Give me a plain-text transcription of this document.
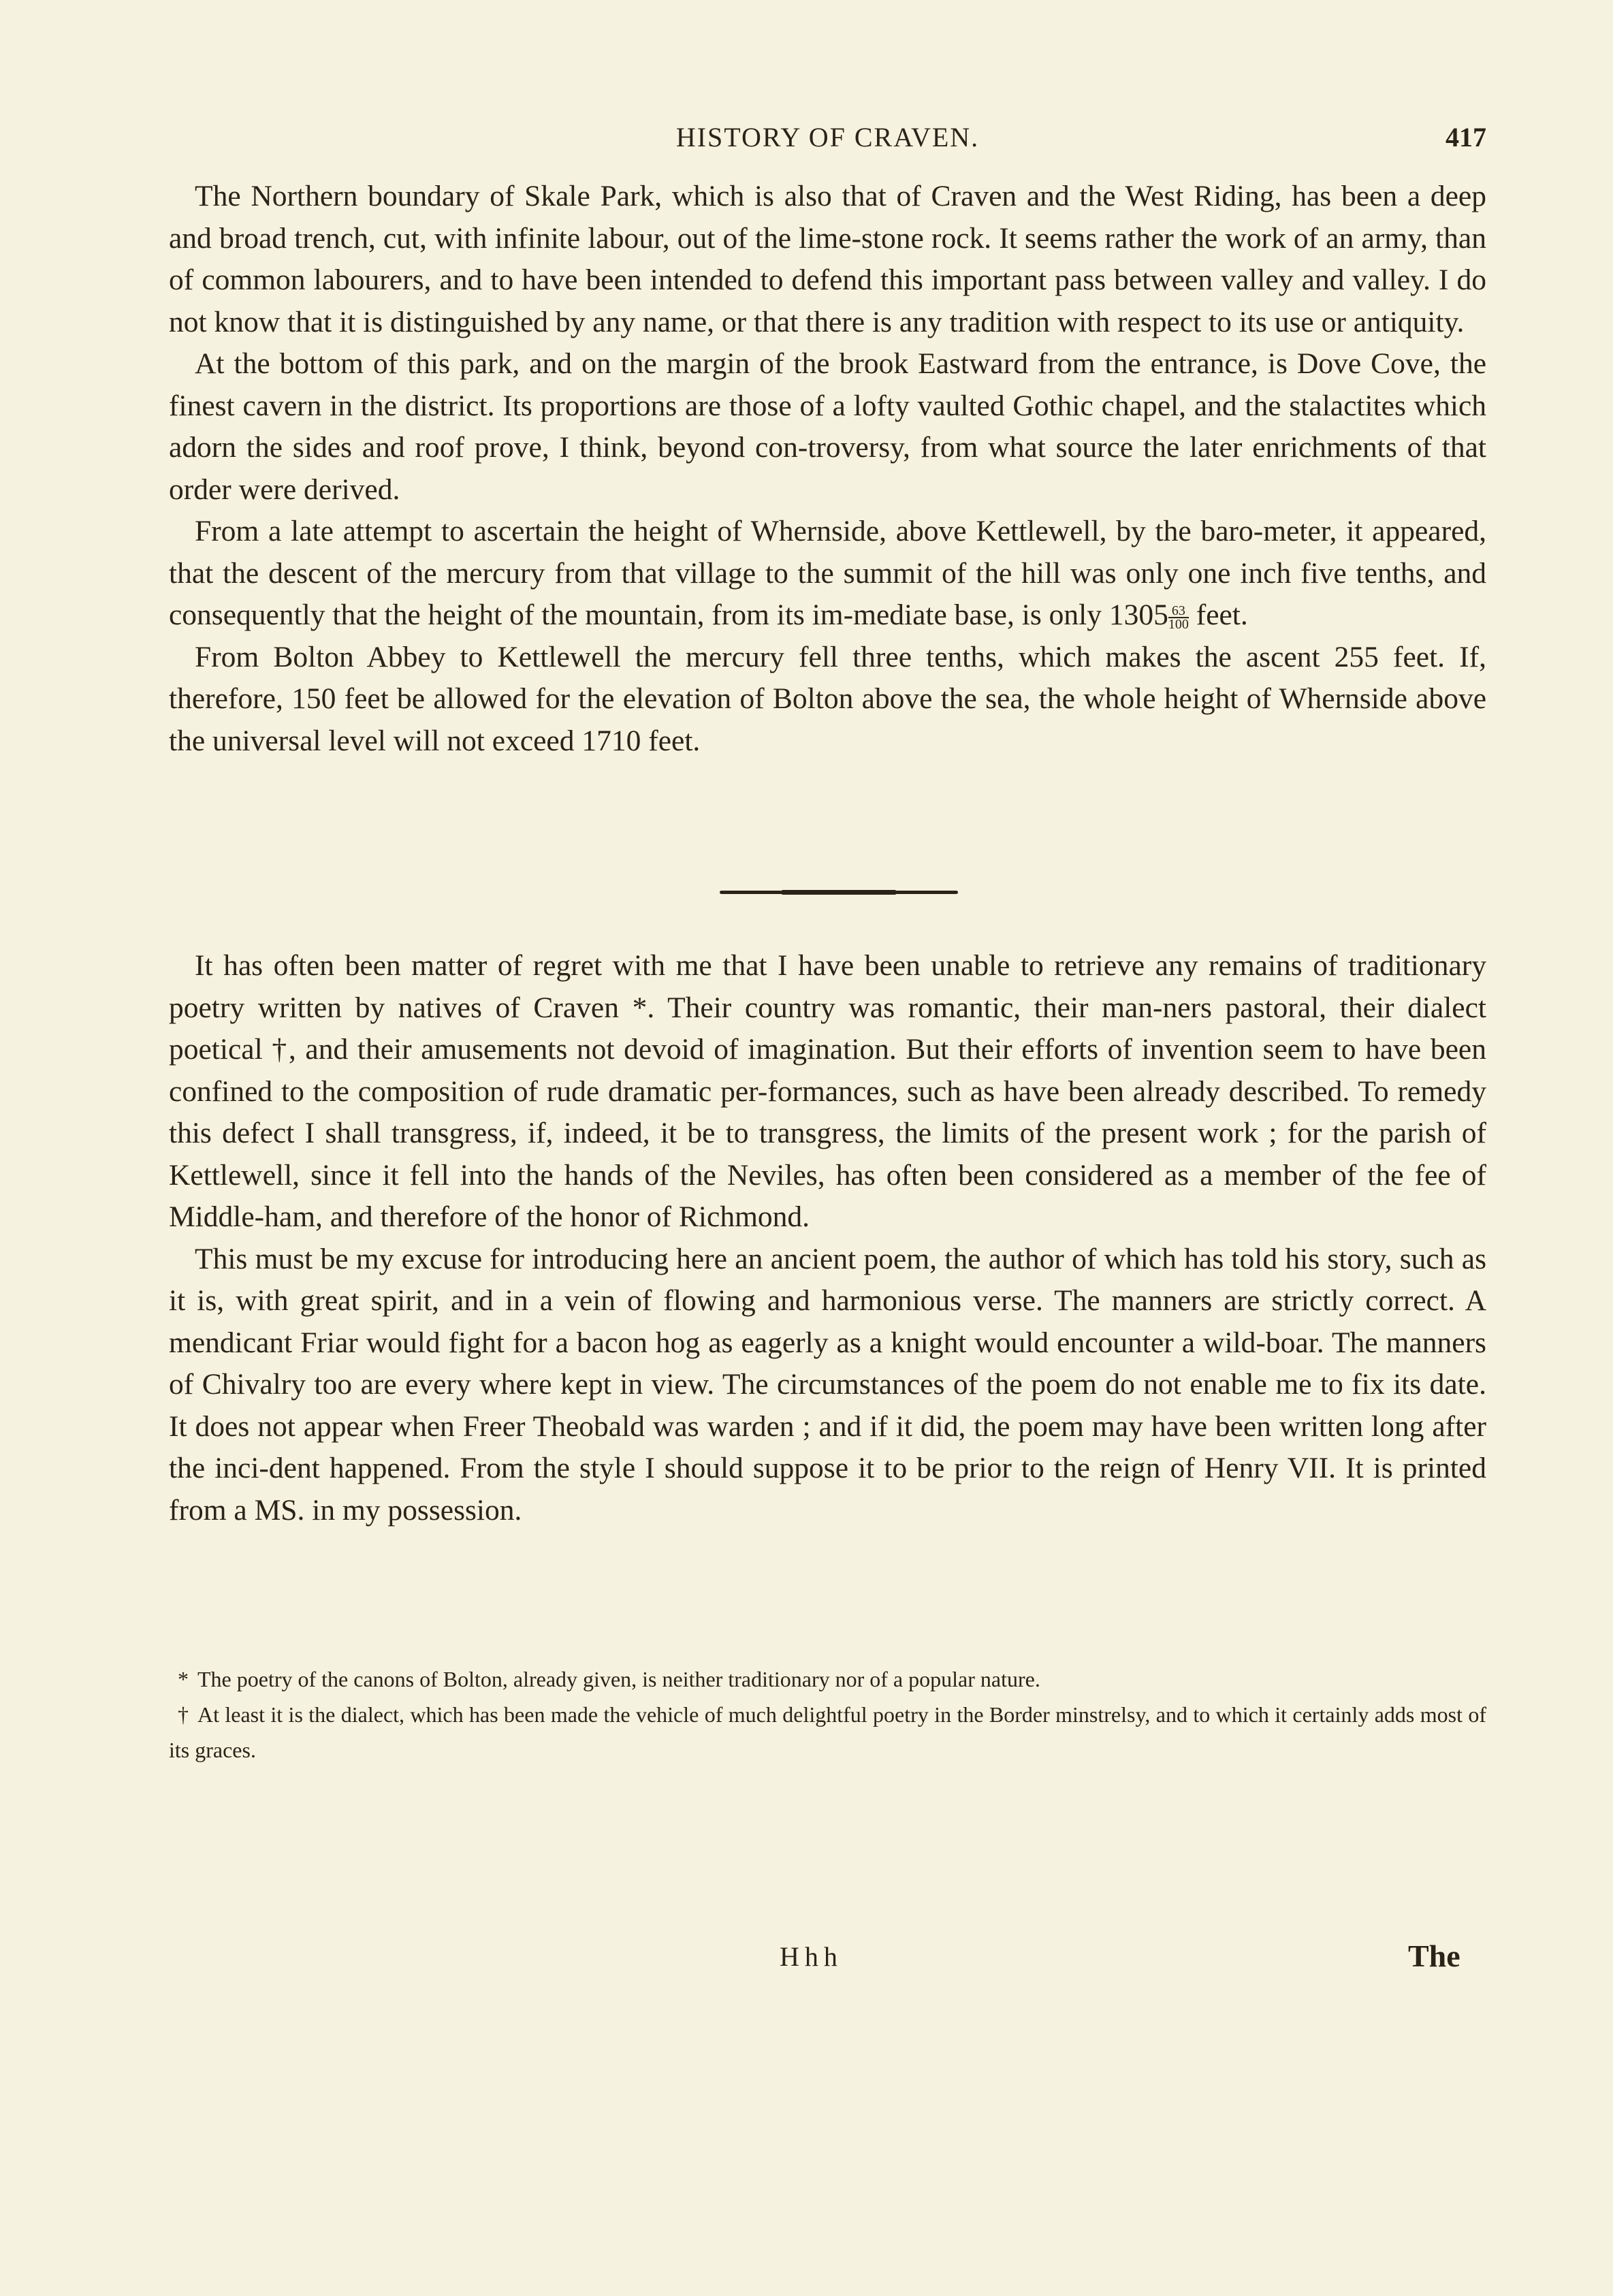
HISTORY OF CRAVEN.	417

The Northern boundary of Skale Park, which is also that of Craven and the West Riding, has been a deep and broad trench, cut, with infinite labour, out of the lime-stone rock. It seems rather the work of an army, than of common labourers, and to have been intended to defend this important pass between valley and valley. I do not know that it is distinguished by any name, or that there is any tradition with respect to its use or antiquity.

At the bottom of this park, and on the margin of the brook Eastward from the entrance, is Dove Cove, the finest cavern in the district. Its proportions are those of a lofty vaulted Gothic chapel, and the stalactites which adorn the sides and roof prove, I think, beyond con-troversy, from what source the later enrichments of that order were derived.

From a late attempt to ascertain the height of Whernside, above Kettlewell, by the baro-meter, it appeared, that the descent of the mercury from that village to the summit of the hill was only one inch five tenths, and consequently that the height of the mountain, from its im-mediate base, is only $1305 \frac{63}{100}$ feet.

From Bolton Abbey to Kettlewell the mercury fell three tenths, which makes the ascent 255 feet. If, therefore, 150 feet be allowed for the elevation of Bolton above the sea, the whole height of Whernside above the universal level will not exceed 1710 feet.

It has often been matter of regret with me that I have been unable to retrieve any remains of traditionary poetry written by natives of Craven *. Their country was romantic, their man-ners pastoral, their dialect poetical †, and their amusements not devoid of imagination. But their efforts of invention seem to have been confined to the composition of rude dramatic per-formances, such as have been already described. To remedy this defect I shall transgress, if, indeed, it be to transgress, the limits of the present work ; for the parish of Kettlewell, since it fell into the hands of the Neviles, has often been considered as a member of the fee of Middle-ham, and therefore of the honor of Richmond.

This must be my excuse for introducing here an ancient poem, the author of which has told his story, such as it is, with great spirit, and in a vein of flowing and harmonious verse. The manners are strictly correct. A mendicant Friar would fight for a bacon hog as eagerly as a knight would encounter a wild-boar. The manners of Chivalry too are every where kept in view. The circumstances of the poem do not enable me to fix its date. It does not appear when Freer Theobald was warden ; and if it did, the poem may have been written long after the inci-dent happened. From the style I should suppose it to be prior to the reign of Henry VII. It is printed from a MS. in my possession.

* The poetry of the canons of Bolton, already given, is neither traditionary nor of a popular nature.

† At least it is the dialect, which has been made the vehicle of much delightful poetry in the Border minstrelsy, and to which it certainly adds most of its graces.

Hhh	The
